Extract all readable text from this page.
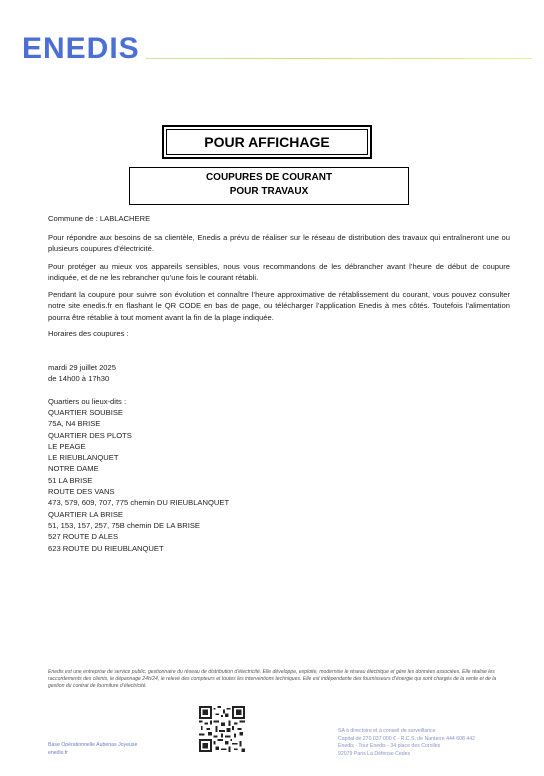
ENEDIS
POUR AFFICHAGE
COUPURES DE COURANT
POUR TRAVAUX
Commune de : LABLACHERE

Pour répondre aux besoins de sa clientèle, Enedis a prévu de réaliser sur le réseau de distribution des travaux qui entraîneront une ou plusieurs coupures d’électricité.

Pour protéger au mieux vos appareils sensibles, nous vous recommandons de les débrancher avant l’heure de début de coupure indiquée, et de ne les rebrancher qu’une fois le courant rétabli.

Pendant la coupure pour suivre son évolution et connaître l’heure approximative de rétablissement du courant, vous pouvez consulter notre site enedis.fr en flashant le QR CODE en bas de page, ou télécharger l’application Enedis à mes côtés. Toutefois l’alimentation pourra être rétablie à tout moment avant la fin de la plage indiquée.

Horaires des coupures :
mardi 29 juillet 2025
de 14h00 à 17h30
Quartiers ou lieux-dits :
QUARTIER SOUBISE
75A, N4 BRISE
QUARTIER DES PLOTS
LE PEAGE
LE RIEUBLANQUET
NOTRE DAME
51 LA BRISE
ROUTE DES VANS
473, 579, 609, 707, 775 chemin DU RIEUBLANQUET
QUARTIER LA BRISE
51, 153, 157, 257, 75B chemin DE LA BRISE
527 ROUTE D ALES
623 ROUTE DU RIEUBLANQUET
Enedis est une entreprise de service public, gestionnaire du réseau de distribution d’électricité. Elle développe, exploite, modernise le réseau électrique et gère les données associées. Elle réalise les raccordements des clients, le dépannage 24h/24, le relevé des compteurs et toutes les interventions techniques. Elle est indépendante des fournisseurs d’énergie qui sont chargés de la vente et de la gestion du contrat de fourniture d’électricité.
Base Opérationnelle Aubenas Joyeuse
enedis.fr
SA à directoire et à conseil de surveillance
Capital de 270 037 000 € - R.C.S. de Nanterre 444 608 442
Enedis - Tour Enedis - 34 place des Corolles
92079 Paris La Défense Cedex
